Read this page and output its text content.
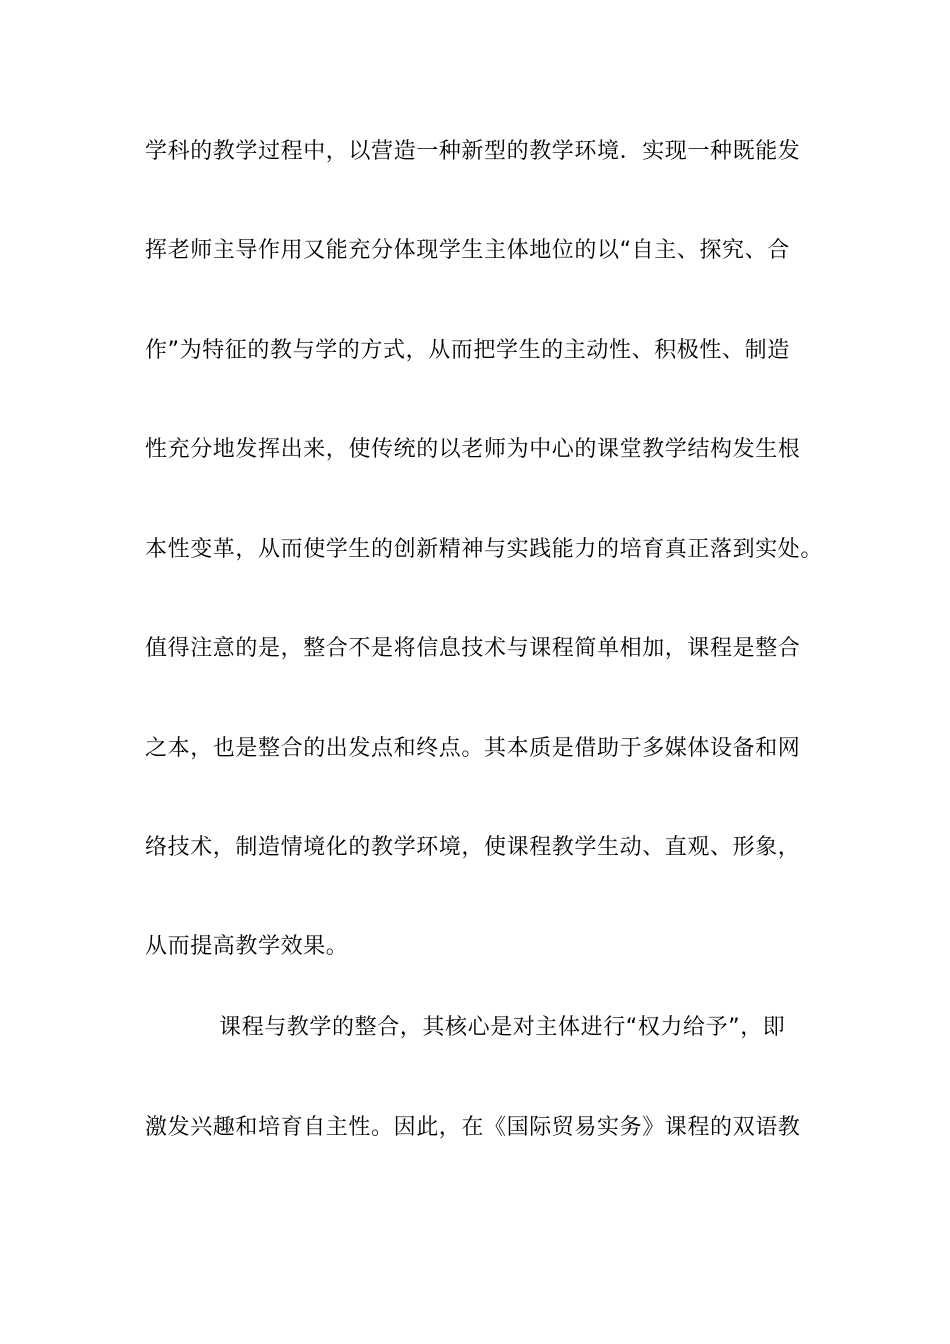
学科的教学过程中，以营造一种新型的教学环境．实现一种既能发
挥老师主导作用又能充分体现学生主体地位的以“自主、探究、合
作”为特征的教与学的方式，从而把学生的主动性、积极性、制造
性充分地发挥出来，使传统的以老师为中心的课堂教学结构发生根
本性变革，从而使学生的创新精神与实践能力的培育真正落到实处。
值得注意的是，整合不是将信息技术与课程简单相加，课程是整合
之本，也是整合的出发点和终点。其本质是借助于多媒体设备和网
络技术，制造情境化的教学环境，使课程教学生动、直观、形象，
从而提高教学效果。
课程与教学的整合，其核心是对主体进行“权力给予”，即
激发兴趣和培育自主性。因此，在《国际贸易实务》课程的双语教
